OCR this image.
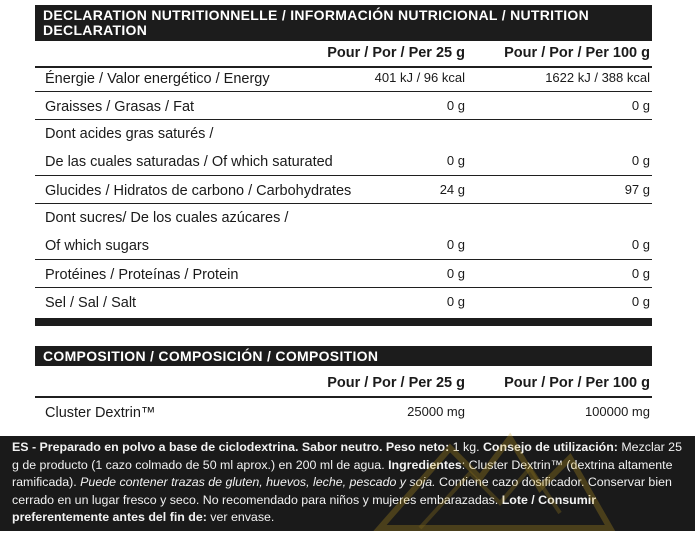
DECLARATION NUTRITIONNELLE / INFORMACIÓN NUTRICIONAL / NUTRITION DECLARATION
Pour / Por / Per 25 g	Pour / Por / Per 100 g
Énergie / Valor energético / Energy	401 kJ / 96 kcal	1622 kJ / 388 kcal
Graisses / Grasas / Fat	0 g	0 g
Dont acides gras saturés /
De las cuales saturadas / Of which saturated	0 g	0 g
Glucides / Hidratos de carbono / Carbohydrates	24 g	97 g
Dont sucres/ De los cuales azúcares /
Of which sugars	0 g	0 g
Protéines / Proteínas / Protein	0 g	0 g
Sel / Sal / Salt	0 g	0 g
COMPOSITION / COMPOSICIÓN / COMPOSITION
Pour / Por / Per 25 g	Pour / Por / Per 100 g
Cluster Dextrin™	25000 mg	100000 mg
ES - Preparado en polvo a base de ciclodextrina. Sabor neutro. Peso neto: 1 kg. Consejo de utilización: Mezclar 25 g de producto (1 cazo colmado de 50 ml aprox.) en 200 ml de agua. Ingredientes: Cluster Dextrin™ (dextrina altamente ramificada). Puede contener trazas de gluten, huevos, leche, pescado y soja. Contiene cazo dosificador. Conservar bien cerrado en un lugar fresco y seco. No recomendado para niños y mujeres embarazadas. Lote / Consumir preferentemente antes del fin de: ver envase.
